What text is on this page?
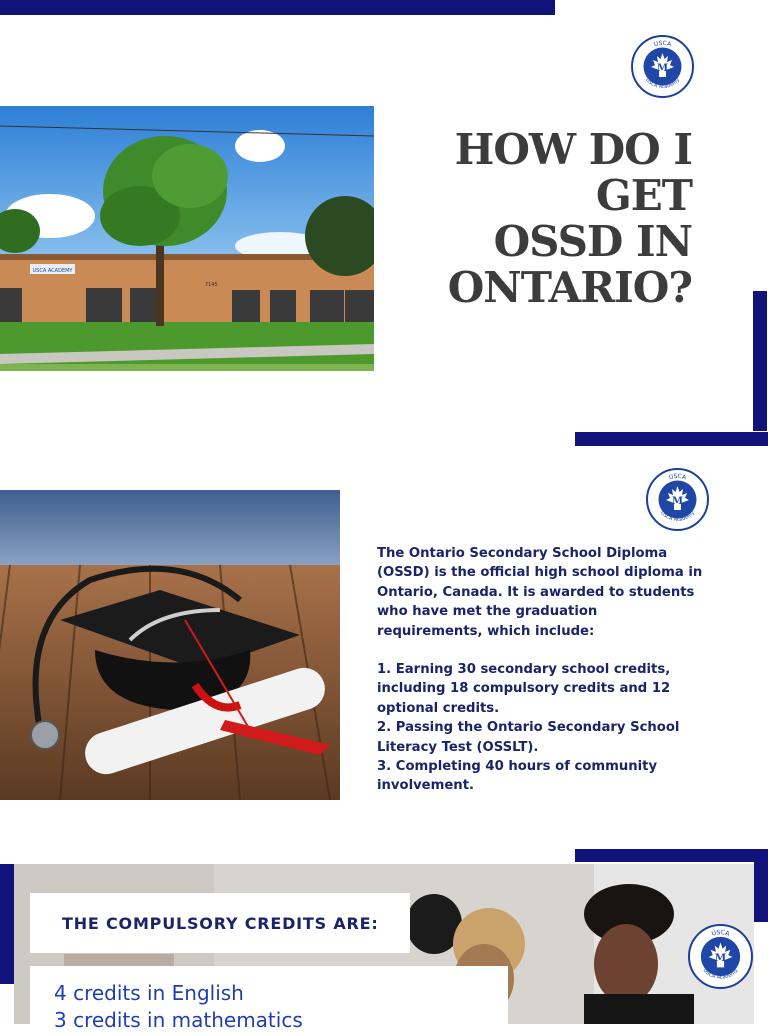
USCA
USCA Academy
M
USCA ACADEMY
7145
HOW DO I GET
OSSD IN
ONTARIO?
USCA
USCA Academy
M

The Ontario Secondary School Diploma (OSSD) is the official high school diploma in Ontario, Canada. It is awarded to students who have met the graduation requirements, which include:

1. Earning 30 secondary school credits, including 18 compulsory credits and 12 optional credits.

2. Passing the Ontario Secondary School Literacy Test (OSSLT).

3. Completing 40 hours of community involvement.

USCA
USCA Academy
M
THE COMPULSORY CREDITS ARE:
4 credits in English
3 credits in mathematics
